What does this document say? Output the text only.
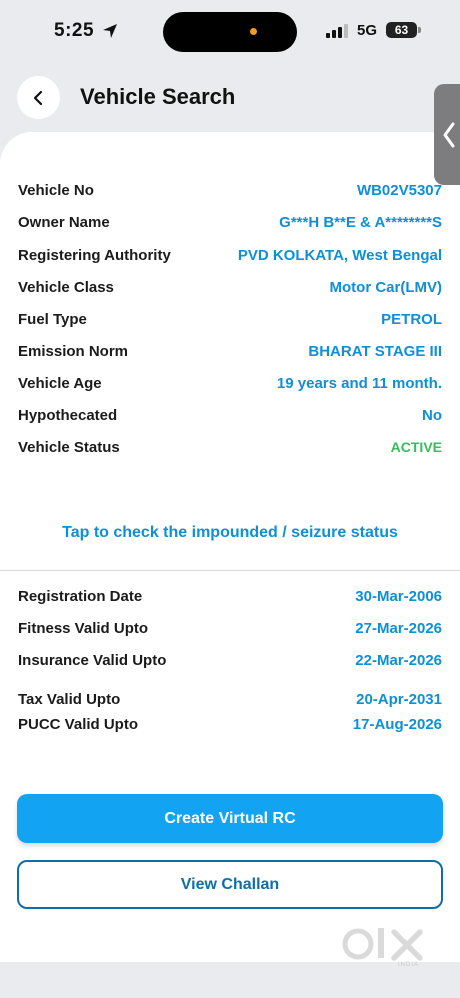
5:25	5G	63
Vehicle Search
Vehicle No	WB02V5307
Owner Name	G***H B**E & A********S
Registering Authority	PVD KOLKATA, West Bengal
Vehicle Class	Motor Car(LMV)
Fuel Type	PETROL
Emission Norm	BHARAT STAGE III
Vehicle Age	19 years and 11 month.
Hypothecated	No
Vehicle Status	ACTIVE
Tap to check the impounded / seizure status
Registration Date	30-Mar-2006
Fitness Valid Upto	27-Mar-2026
Insurance Valid Upto	22-Mar-2026
Tax Valid Upto	20-Apr-2031
PUCC Valid Upto	17-Aug-2026
Create Virtual RC
View Challan
INDIA
